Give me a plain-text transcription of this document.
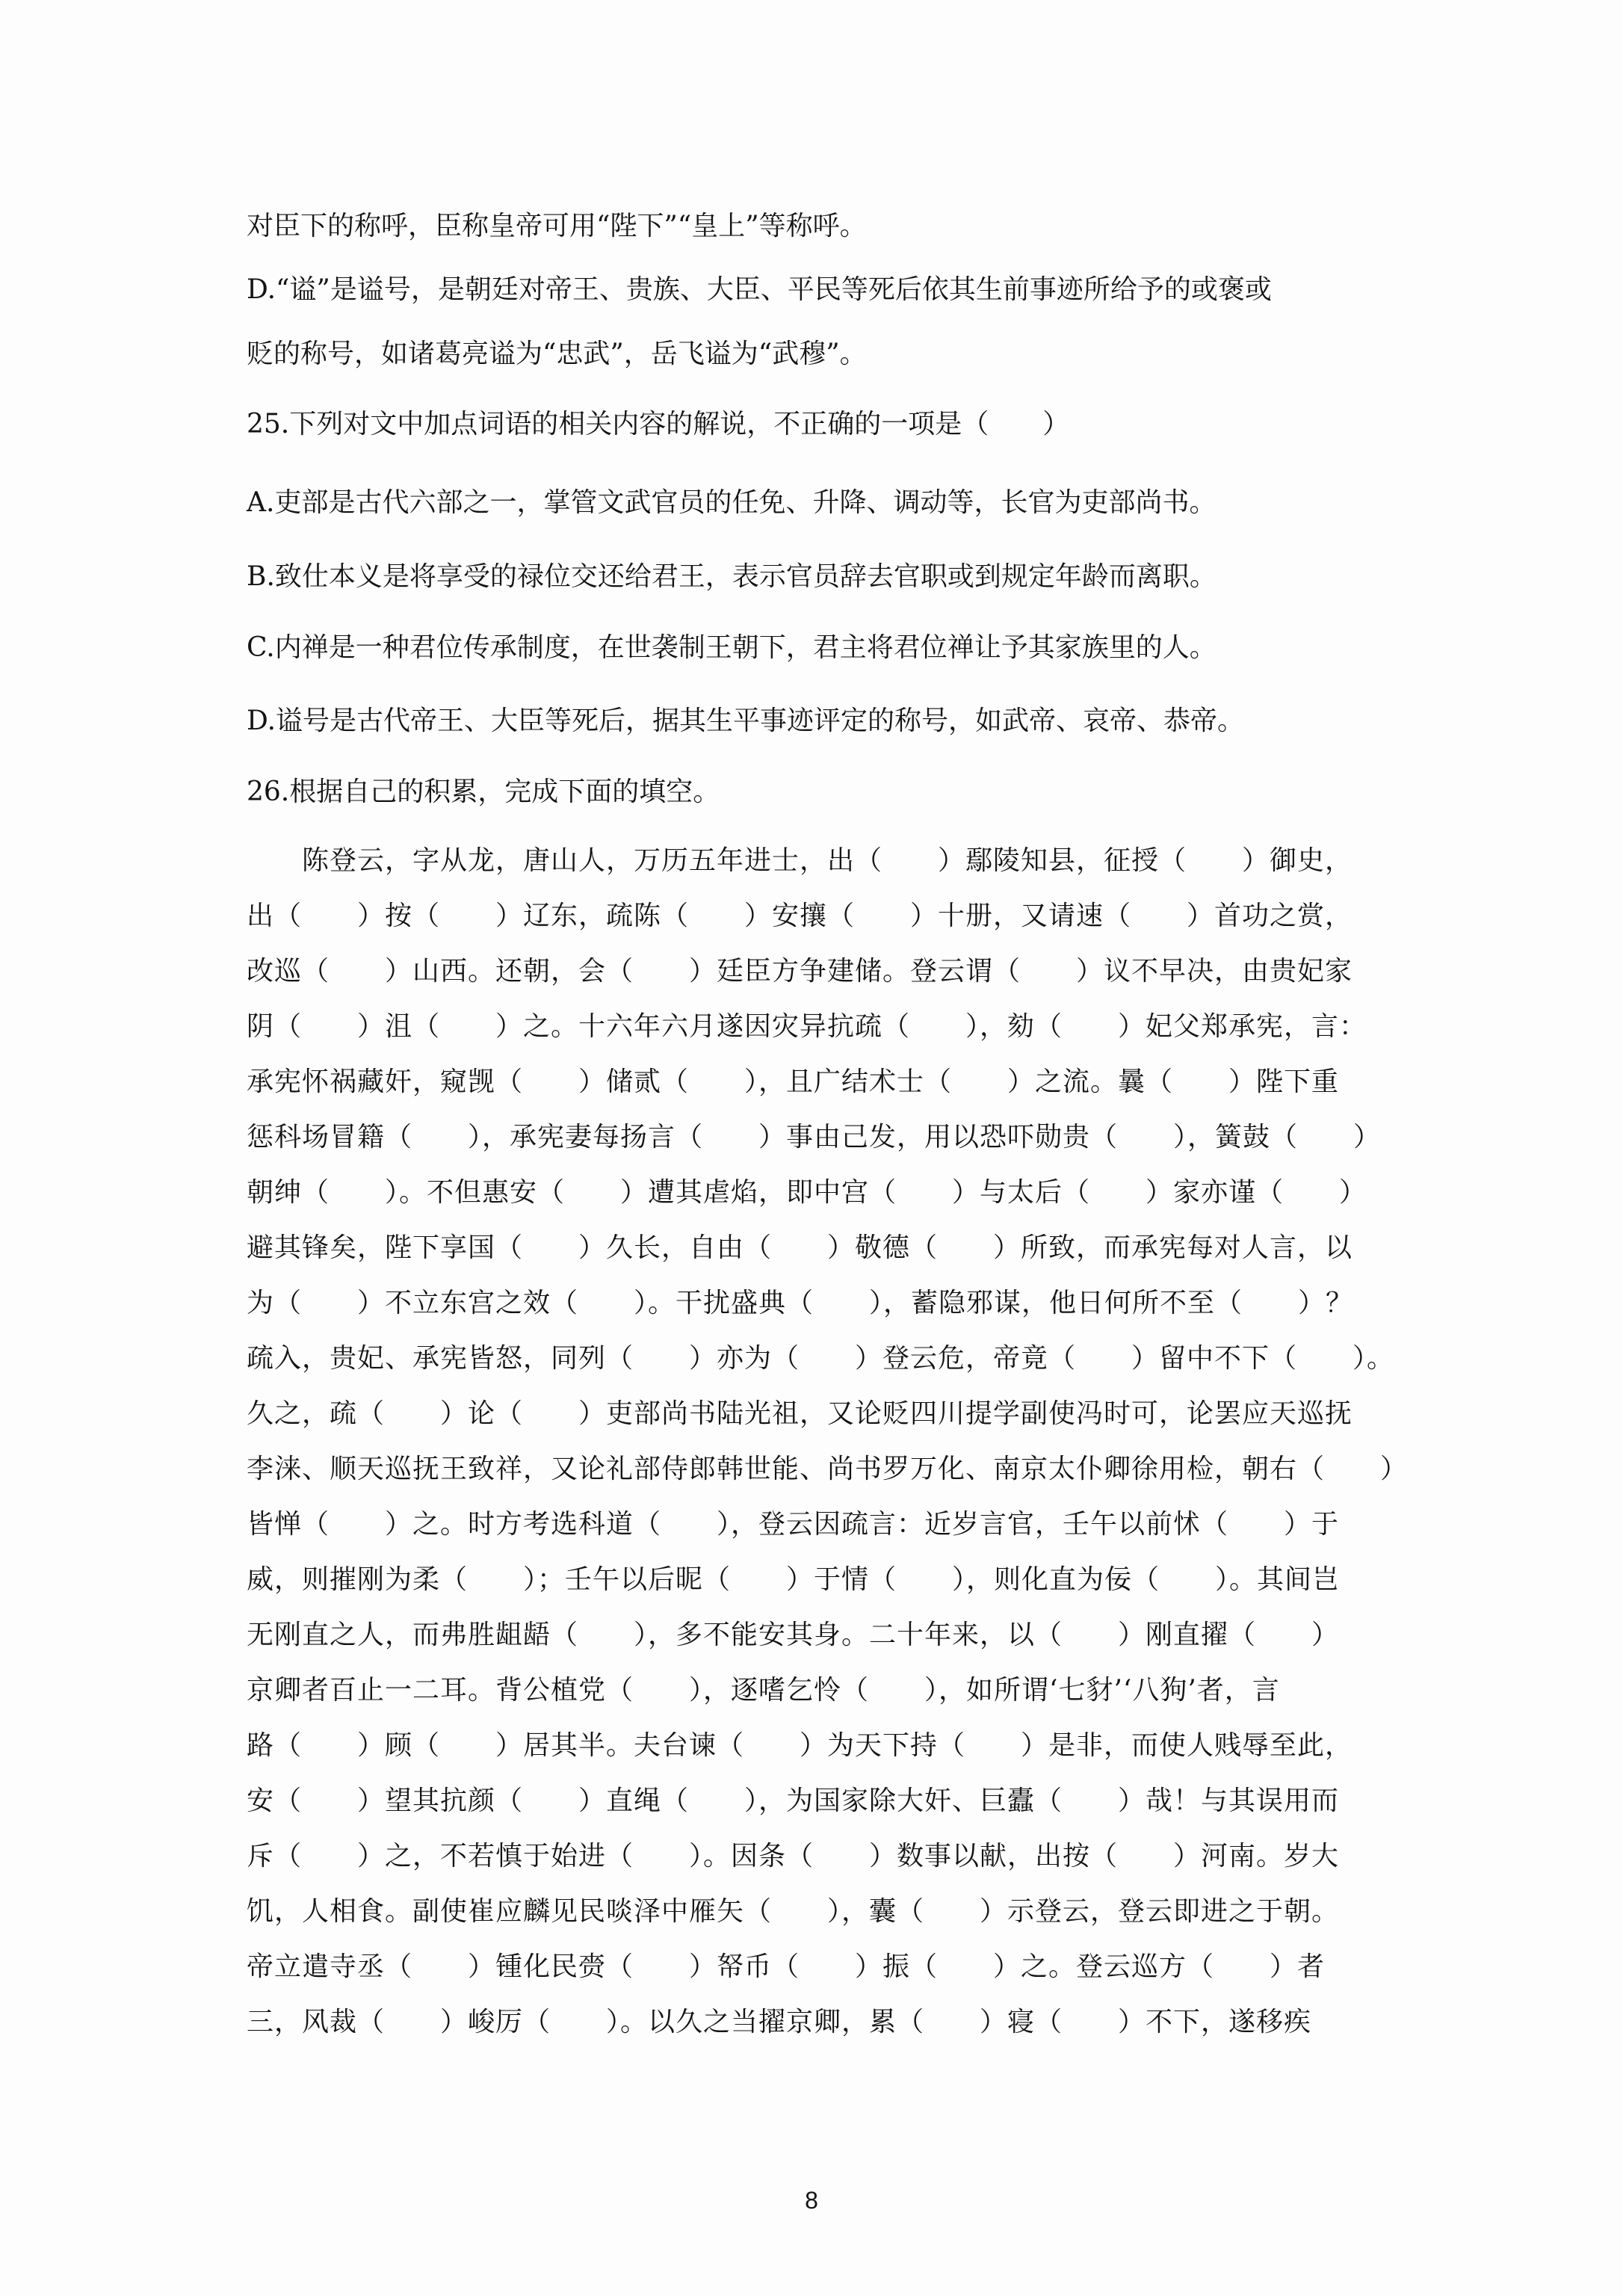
对臣下的称呼，臣称皇帝可用“陛下”“皇上”等称呼。
D.“谥”是谥号，是朝廷对帝王、贵族、大臣、平民等死后依其生前事迹所给予的或褒或
贬的称号，如诸葛亮谥为“忠武”，岳飞谥为“武穆”。
25.下列对文中加点词语的相关内容的解说，不正确的一项是（　　）
A.吏部是古代六部之一，掌管文武官员的任免、升降、调动等，长官为吏部尚书。
B.致仕本义是将享受的禄位交还给君王，表示官员辞去官职或到规定年龄而离职。
C.内禅是一种君位传承制度，在世袭制王朝下，君主将君位禅让予其家族里的人。
D.谥号是古代帝王、大臣等死后，据其生平事迹评定的称号，如武帝、哀帝、恭帝。
26.根据自己的积累，完成下面的填空。
　　陈登云，字从龙，唐山人，万历五年进士，出（　　）鄢陵知县，征授（　　）御史，
出（　　）按（　　）辽东，疏陈（　　）安攘（　　）十册，又请速（　　）首功之赏，
改巡（　　）山西。还朝，会（　　）廷臣方争建储。登云谓（　　）议不早决，由贵妃家
阴（　　）沮（　　）之。十六年六月遂因灾异抗疏（　　），劾（　　）妃父郑承宪，言：
承宪怀祸藏奸，窥觊（　　）储贰（　　），且广结术士（　　）之流。曩（　　）陛下重
惩科场冒籍（　　），承宪妻每扬言（　　）事由己发，用以恐吓勋贵（　　），簧鼓（　　）
朝绅（　　）。不但惠安（　　）遭其虐焰，即中宫（　　）与太后（　　）家亦谨（　　）
避其锋矣，陛下享国（　　）久长，自由（　　）敬德（　　）所致，而承宪每对人言，以
为（　　）不立东宫之效（　　）。干扰盛典（　　），蓄隐邪谋，他日何所不至（　　）？
疏入，贵妃、承宪皆怒，同列（　　）亦为（　　）登云危，帝竟（　　）留中不下（　　）。
久之，疏（　　）论（　　）吏部尚书陆光祖，又论贬四川提学副使冯时可，论罢应天巡抚
李涞、顺天巡抚王致祥，又论礼部侍郎韩世能、尚书罗万化、南京太仆卿徐用检，朝右（　　）
皆惮（　　）之。时方考选科道（　　），登云因疏言：近岁言官，壬午以前怵（　　）于
威，则摧刚为柔（　　）；壬午以后昵（　　）于情（　　），则化直为佞（　　）。其间岂
无刚直之人，而弗胜龃龉（　　），多不能安其身。二十年来，以（　　）刚直擢（　　）
京卿者百止一二耳。背公植党（　　），逐嗜乞怜（　　），如所谓‘七豺’‘八狗’者，言
路（　　）顾（　　）居其半。夫台谏（　　）为天下持（　　）是非，而使人贱辱至此，
安（　　）望其抗颜（　　）直绳（　　），为国家除大奸、巨蠹（　　）哉！与其误用而
斥（　　）之，不若慎于始进（　　）。因条（　　）数事以献，出按（　　）河南。岁大
饥，人相食。副使崔应麟见民啖泽中雁矢（　　），囊（　　）示登云，登云即进之于朝。
帝立遣寺丞（　　）锺化民赍（　　）帑币（　　）振（　　）之。登云巡方（　　）者
三，风裁（　　）峻厉（　　）。以久之当擢京卿，累（　　）寝（　　）不下，遂移疾
8
